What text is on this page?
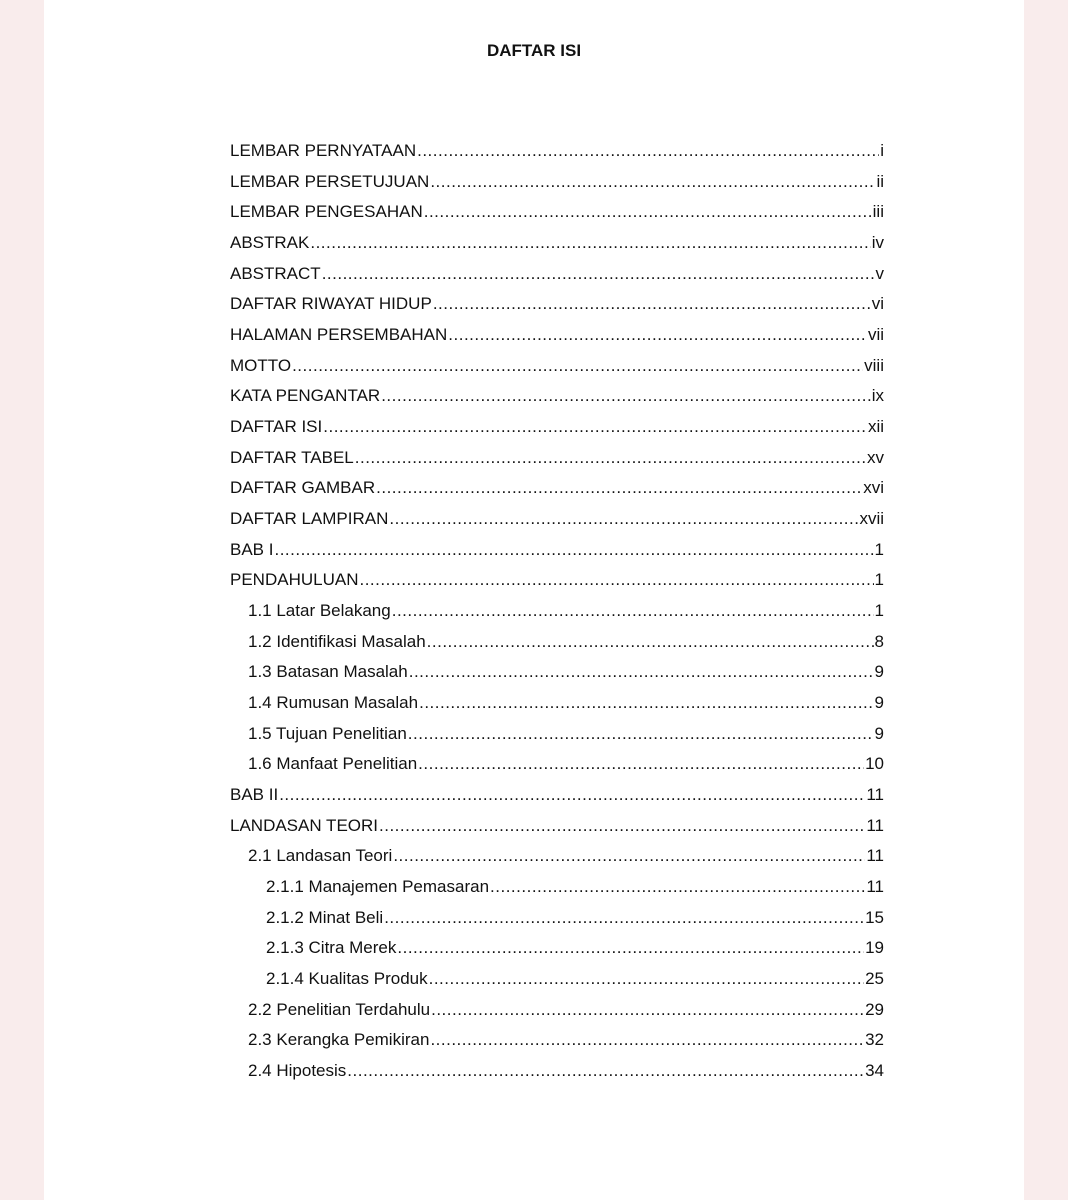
DAFTAR ISI
LEMBAR PERNYATAAN .....	i
LEMBAR PERSETUJUAN .....	ii
LEMBAR PENGESAHAN .....	iii
ABSTRAK .....	iv
ABSTRACT .....	v
DAFTAR RIWAYAT HIDUP .....	vi
HALAMAN PERSEMBAHAN .....	vii
MOTTO .....	viii
KATA PENGANTAR .....	ix
DAFTAR ISI .....	xii
DAFTAR TABEL .....	xv
DAFTAR GAMBAR .....	xvi
DAFTAR LAMPIRAN .....	xvii
BAB I .....	1
PENDAHULUAN .....	1
1.1 Latar Belakang .....	1
1.2 Identifikasi Masalah .....	8
1.3 Batasan Masalah .....	9
1.4 Rumusan Masalah .....	9
1.5 Tujuan Penelitian .....	9
1.6 Manfaat Penelitian .....	10
BAB II .....	11
LANDASAN TEORI .....	11
2.1 Landasan Teori .....	11
2.1.1 Manajemen Pemasaran .....	11
2.1.2 Minat Beli .....	15
2.1.3 Citra Merek .....	19
2.1.4 Kualitas Produk .....	25
2.2 Penelitian Terdahulu .....	29
2.3 Kerangka Pemikiran .....	32
2.4 Hipotesis .....	34
